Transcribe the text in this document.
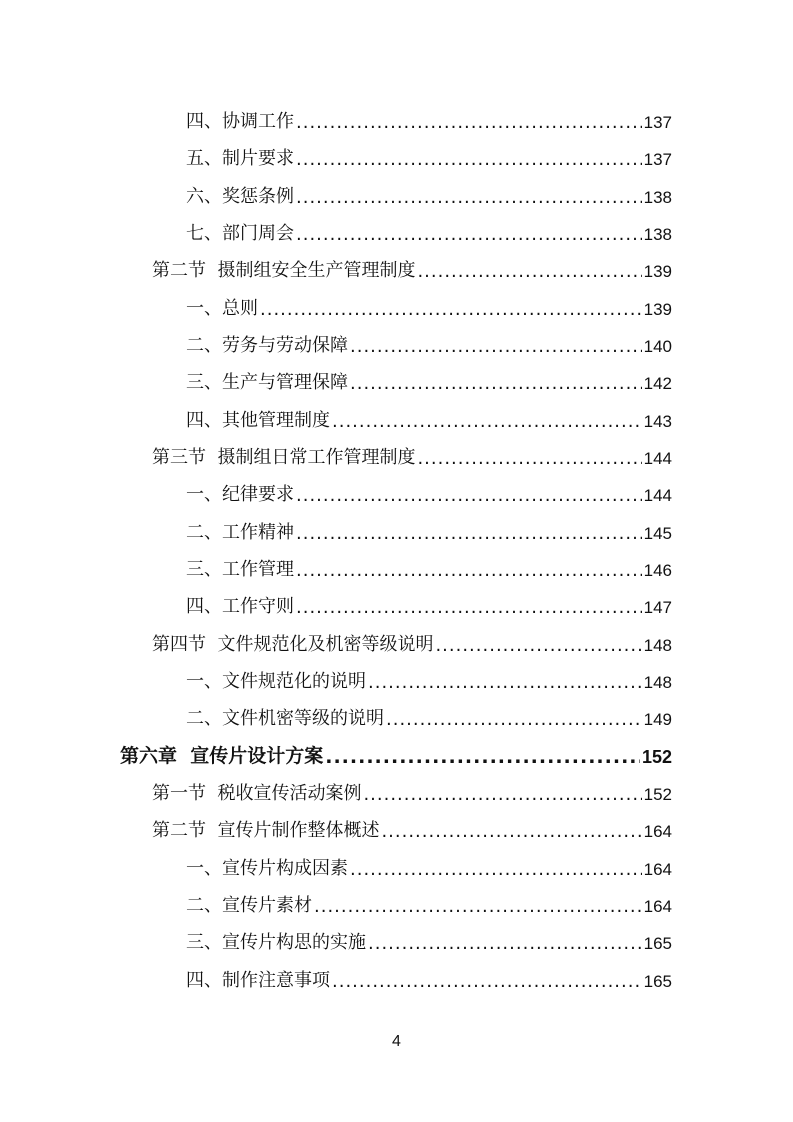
四、协调工作 .....	137
五、制片要求 .....	137
六、奖惩条例 .....	138
七、部门周会 .....	138
第二节  摄制组安全生产管理制度 .....	139
一、总则 .....	139
二、劳务与劳动保障 .....	140
三、生产与管理保障 .....	142
四、其他管理制度 .....	143
第三节  摄制组日常工作管理制度 .....	144
一、纪律要求 .....	144
二、工作精神 .....	145
三、工作管理 .....	146
四、工作守则 .....	147
第四节  文件规范化及机密等级说明 .....	148
一、文件规范化的说明 .....	148
二、文件机密等级的说明 .....	149
第六章  宣传片设计方案 .....	152
第一节  税收宣传活动案例 .....	152
第二节  宣传片制作整体概述 .....	164
一、宣传片构成因素 .....	164
二、宣传片素材 .....	164
三、宣传片构思的实施 .....	165
四、制作注意事项 .....	165
4
